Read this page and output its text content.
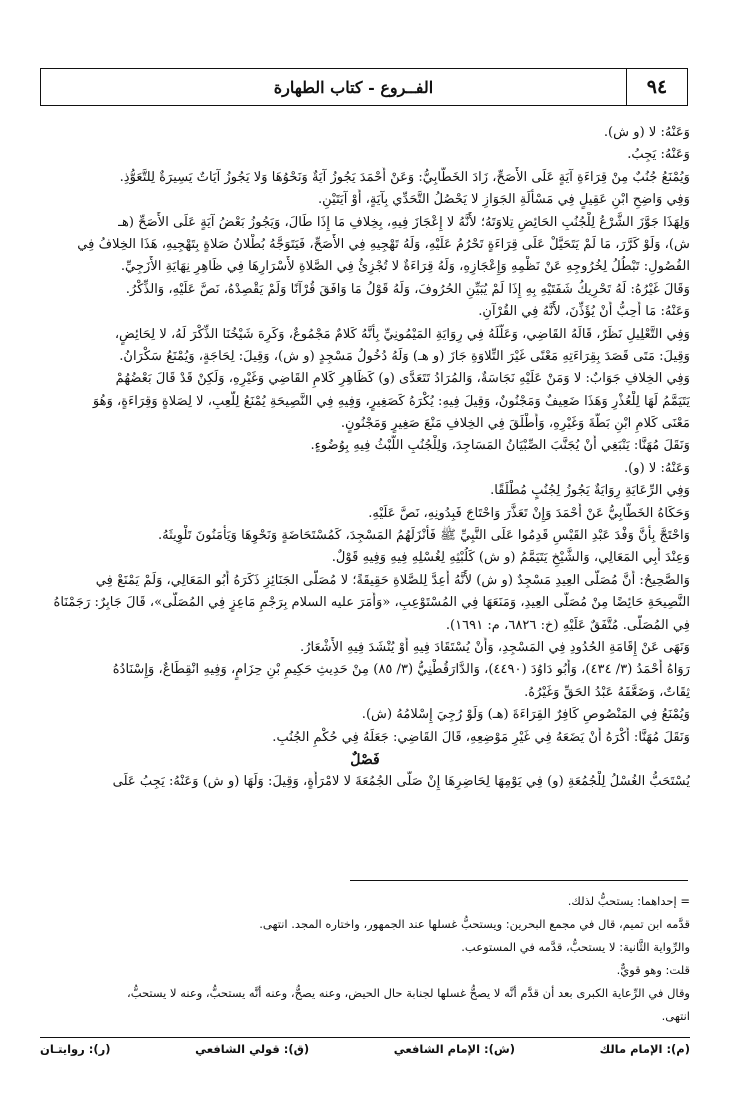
٩٤
الفــروع - كتاب الطهارة
وَعَنْهُ: لا (و ش).
وَعَنْهُ: يَجِبُ.
وَيُمْنَعُ جُنُبٌ مِنْ قِرَاءَةِ آيَةٍ عَلَى الأَصَحِّ، زَادَ الخَطَّابِيُّ: وَعَنْ أَحْمَدَ يَجُوزُ آيَةٌ وَنَحْوُهَا وَلا يَجُوزُ آيَاتٌ يَسِيرَةٌ لِلتَّعَوُّذِ.
وَفِي وَاضِحِ ابْنِ عَقِيلٍ فِي مَسْأَلَةِ الجَوَازِ لا يَحْصُلُ التَّحَدِّي بِآيَةٍ، أَوْ آيَتَيْنِ.
وَلِهَذَا جَوَّزَ الشَّرْعُ لِلْجُنُبِ الحَائِضِ تِلاوَتَهُ؛ لأَنَّهُ لا إِعْجَازَ فِيهِ، بِخِلافِ مَا إِذَا طَالَ، وَيَجُوزُ بَعْضُ آيَةٍ عَلَى الأَصَحِّ (هـ
ش)، وَلَوْ كَرَّرَ، مَا لَمْ يَتَحَيَّلْ عَلَى قِرَاءَةٍ تَحْرُمُ عَلَيْهِ، وَلَهُ تَهْجِيهِ فِي الأَصَحِّ، فَيَتَوَجَّهُ بُطْلانُ صَلاةٍ بِتَهْجِيهِ، هَذَا الخِلافُ فِي
الفُصُولِ: تَبْطُلُ لِخُرُوجِهِ عَنْ نَظْمِهِ وَإِعْجَازِهِ، وَلَهُ قِرَاءَةٌ لا تُجْزِئُ فِي الصَّلاةِ لأَسْرَارِهَا فِي ظَاهِرِ نِهَايَةِ الأَزَجِيِّ.
وَقَالَ غَيْرُهُ: لَهُ تَحْرِيكُ شَفَتَيْهِ بِهِ إِذَا لَمْ يُبَيِّنِ الحُرُوفَ، وَلَهُ قَوْلُ مَا وَافَقَ قُرْآنًا وَلَمْ يَقْصِدْهُ، نَصَّ عَلَيْهِ، وَالذِّكْرُ.
وَعَنْهُ: مَا أُحِبُّ أَنْ يُؤَذِّنَ، لأَنَّهُ فِي القُرْآنِ.
وَفِي التَّعْلِيلِ نَظَرٌ، قَالَهُ القَاضِي، وَعَلَّلَهُ فِي رِوَايَةِ المَيْمُونِيِّ بِأَنَّهُ كَلامٌ مَجْمُوعٌ، وَكَرِهَ شَيْخُنَا الذِّكْرَ لَهُ، لا لِحَائِضٍ،
وَقِيلَ: مَتَى قَصَدَ بِقِرَاءَتِهِ مَعْنًى غَيْرَ التِّلاوَةِ جَازَ (و هـ) وَلَهُ دُخُولُ مَسْجِدٍ (و ش)، وَقِيلَ: لِحَاجَةٍ، وَيُمْنَعُ سَكْرَانُ.
وَفِي الخِلافِ جَوَابٌ: لا وَمَنْ عَلَيْهِ نَجَاسَةٌ، وَالمُرَادُ تَتَعَدَّى (و) كَظَاهِرِ كَلامِ القَاضِي وَغَيْرِهِ، وَلَكِنْ قَدْ قَالَ بَعْضُهُمْ
يَتَيَمَّمُ لَهَا لِلْعُذْرِ وَهَذَا ضَعِيفٌ وَمَجْنُونٌ، وَقِيلَ فِيهِ: يُكْرَهُ كَصَغِيرٍ، وَفِيهِ فِي النَّصِيحَةِ يُمْنَعُ لِلَّعِبِ، لا لِصَلاةٍ وَقِرَاءَةٍ، وَهُوَ
مَعْنَى كَلامِ ابْنِ بَطَّةَ وَغَيْرِهِ، وَأَطْلَقَ فِي الخِلافِ مَنْعَ صَغِيرٍ وَمَجْنُونٍ.
وَنَقَلَ مُهَنَّا: يَنْبَغِي أَنْ يُجَنَّبَ الصِّبْيَانُ المَسَاجِدَ، وَلِلْجُنُبِ اللُّبْثُ فِيهِ بِوُضُوءٍ.
وَعَنْهُ: لا (و).
وَفِي الرِّعَايَةِ رِوَايَةٌ يَجُوزُ لِجُنُبٍ مُطْلَقًا.
وَحَكَاهُ الخَطَّابِيُّ عَنْ أَحْمَدَ وَإِنْ تَعَذَّرَ وَاحْتَاجَ فَبِدُونِهِ، نَصَّ عَلَيْهِ.
وَاحْتَجَّ بِأَنَّ وَفْدَ عَبْدِ القَيْسِ قَدِمُوا عَلَى النَّبِيِّ ﷺ فَأَنْزَلَهُمُ المَسْجِدَ، كَمُسْتَحَاضَةٍ وَنَحْوِهَا وَيَأْمَنُونَ تَلْوِيثَهُ.
وَعِنْدَ أَبِي المَعَالِي، وَالشَّيْخِ يَتَيَمَّمُ (و ش) كَلُبْثِهِ لِغُسْلِهِ فِيهِ وَفِيهِ قَوْلٌ.
وَالصَّحِيحُ: أَنَّ مُصَلَّى العِيدِ مَسْجِدٌ (و ش) لأَنَّهُ أُعِدَّ لِلصَّلاةِ حَقِيقَةً؛ لا مُصَلَّى الجَنَائِزِ ذَكَرَهُ أَبُو المَعَالِي، وَلَمْ يَمْنَعْ فِي
النَّصِيحَةِ حَائِضًا مِنْ مُصَلَّى العِيدِ، وَمَنَعَهَا فِي المُسْتَوْعِبِ، «وَأَمَرَ عليه السلام بِرَجْمِ مَاعِزٍ فِي المُصَلَّى»، قَالَ جَابِرٌ: رَجَمْنَاهُ
فِي المُصَلَّى. مُتَّفَقٌ عَلَيْهِ (خ: ٦٨٢٦، م: ١٦٩١).
وَنَهَى عَنْ إِقَامَةِ الحُدُودِ فِي المَسْجِدِ، وَأَنْ يُسْتَقَادَ فِيهِ أَوْ يُنْشَدَ فِيهِ الأَشْعَارُ.
رَوَاهُ أَحْمَدُ (٣/ ٤٣٤)، وَأَبُو دَاوُدَ (٤٤٩٠)، وَالدَّارَقُطْنِيُّ (٣/ ٨٥) مِنْ حَدِيثِ حَكِيمِ بْنِ حِزَامٍ، وَفِيهِ انْقِطَاعٌ، وَإِسْنَادُهُ
ثِقَاتٌ، وَضَعَّفَهُ عَبْدُ الحَقِّ وَغَيْرُهُ.
وَيُمْنَعُ فِي المَنْصُوصِ كَافِرٌ القِرَاءَةَ (هـ) وَلَوْ رُجِيَ إِسْلامُهُ (ش).
وَنَقَلَ مُهَنَّا: أَكْرَهُ أَنْ يَضَعَهُ فِي غَيْرِ مَوْضِعِهِ، قَالَ القَاضِي: جَعَلَهُ فِي حُكْمِ الجُنُبِ.
فَصْلٌ
يُسْتَحَبُّ الغُسْلُ لِلْجُمُعَةِ (و) فِي يَوْمِهَا لِحَاضِرِهَا إِنْ صَلَّى الجُمُعَةَ لا لامْرَأَةٍ، وَقِيلَ: وَلَهَا (و ش) وَعَنْهُ: يَجِبُ عَلَى
= إحداهما: يستحبُّ لذلك.
قدَّمه ابن تميم، قال في مجمع البحرين: ويستحبُّ غسلها عند الجمهور، واختاره المجد. انتهى.
والرِّواية الثَّانية: لا يستحبُّ، قدَّمه في المستوعب.
قلت: وهو قويٌّ.
وقال في الرِّعاية الكبرى بعد أن قدَّم أنَّه لا يصحُّ غسلها لجنابة حال الحيض، وعنه يصحُّ، وعنه أنَّه يستحبُّ، وعنه لا يستحبُّ،
انتهى.
(م): الإمام مالك
(ش): الإمام الشافعي
(ق): قولي الشافعي
(ر): روايتـان
